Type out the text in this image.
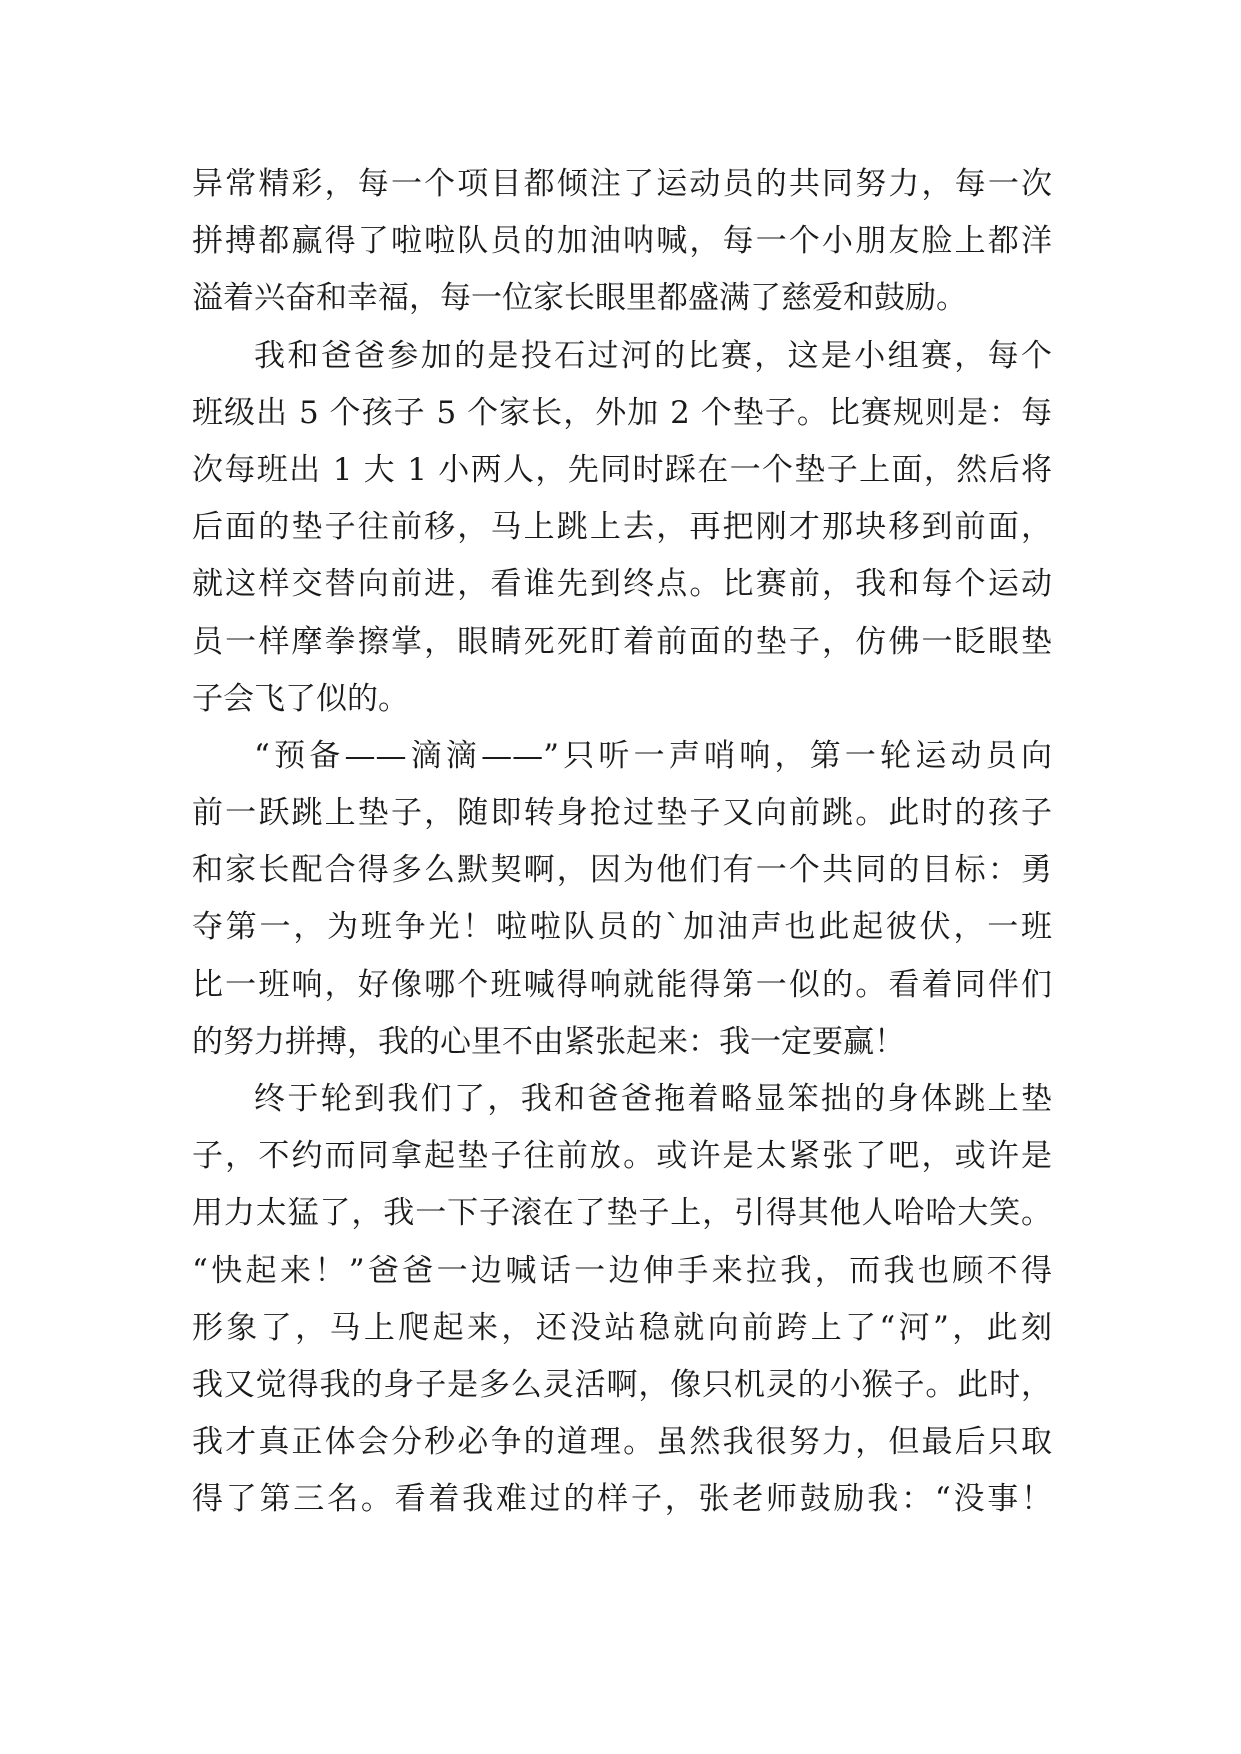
异常精彩，每一个项目都倾注了运动员的共同努力，每一次
拼搏都赢得了啦啦队员的加油呐喊，每一个小朋友脸上都洋
溢着兴奋和幸福，每一位家长眼里都盛满了慈爱和鼓励。
我和爸爸参加的是投石过河的比赛，这是小组赛，每个
班级出 5 个孩子 5 个家长，外加 2 个垫子。比赛规则是：每
次每班出 1 大 1 小两人，先同时踩在一个垫子上面，然后将
后面的垫子往前移，马上跳上去，再把刚才那块移到前面，
就这样交替向前进，看谁先到终点。比赛前，我和每个运动
员一样摩拳擦掌，眼睛死死盯着前面的垫子，仿佛一眨眼垫
子会飞了似的。
“预备——滴滴——”只听一声哨响，第一轮运动员向
前一跃跳上垫子，随即转身抢过垫子又向前跳。此时的孩子
和家长配合得多么默契啊，因为他们有一个共同的目标：勇
夺第一，为班争光！啦啦队员的`加油声也此起彼伏，一班
比一班响，好像哪个班喊得响就能得第一似的。看着同伴们
的努力拼搏，我的心里不由紧张起来：我一定要赢！
终于轮到我们了，我和爸爸拖着略显笨拙的身体跳上垫
子，不约而同拿起垫子往前放。或许是太紧张了吧，或许是
用力太猛了，我一下子滚在了垫子上，引得其他人哈哈大笑。
“快起来！”爸爸一边喊话一边伸手来拉我，而我也顾不得
形象了，马上爬起来，还没站稳就向前跨上了“河”，此刻
我又觉得我的身子是多么灵活啊，像只机灵的小猴子。此时，
我才真正体会分秒必争的道理。虽然我很努力，但最后只取
得了第三名。看着我难过的样子，张老师鼓励我：“没事！
